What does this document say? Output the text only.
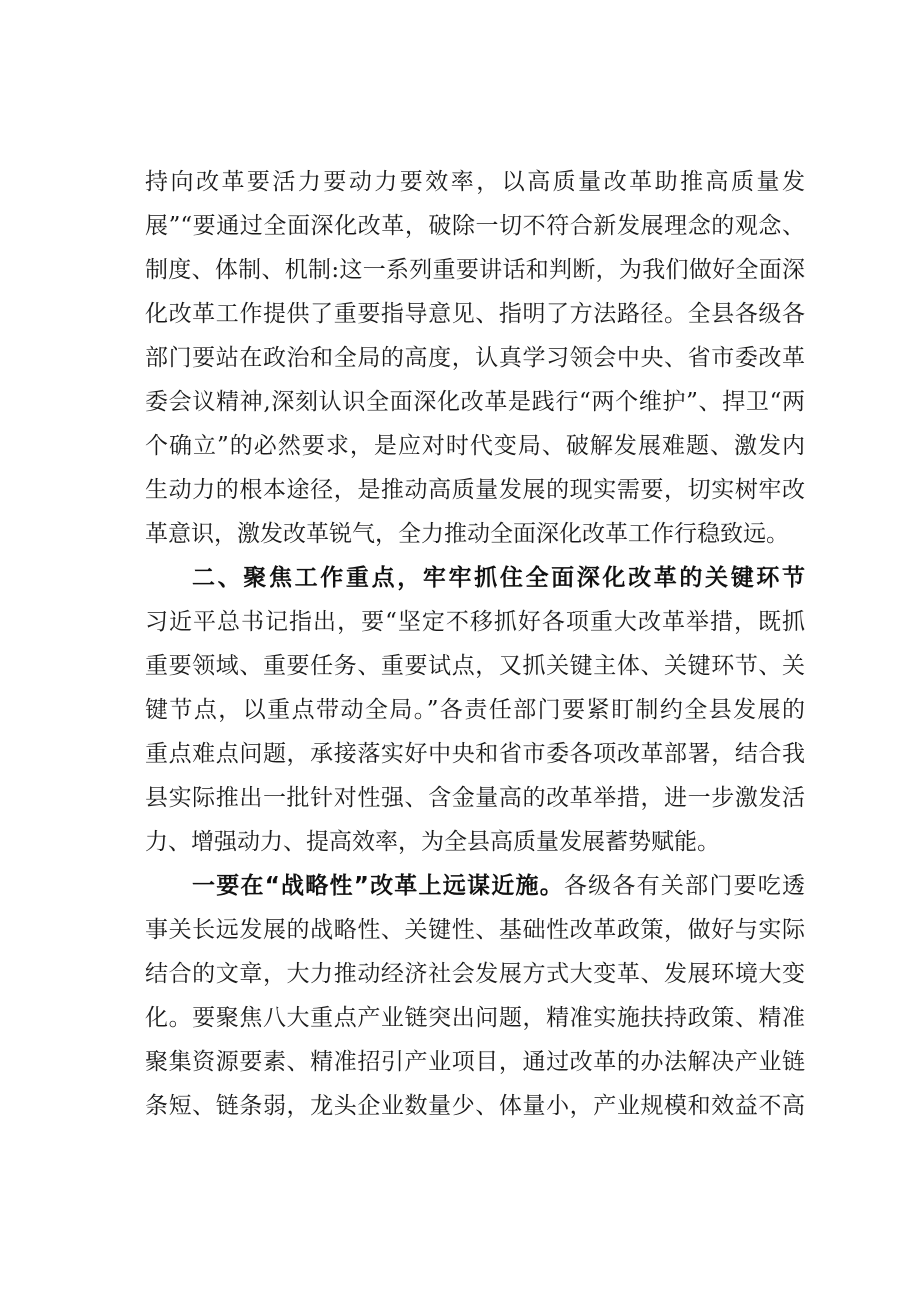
持向改革要活力要动力要效率，以高质量改革助推高质量发

展”“要通过全面深化改革，破除一切不符合新发展理念的观念、

制度、体制、机制:这一系列重要讲话和判断，为我们做好全面深

化改革工作提供了重要指导意见、指明了方法路径。全县各级各

部门要站在政治和全局的高度，认真学习领会中央、省市委改革

委会议精神,深刻认识全面深化改革是践行“两个维护”、捍卫“两

个确立”的必然要求，是应对时代变局、破解发展难题、激发内

生动力的根本途径，是推动高质量发展的现实需要，切实树牢改

革意识，激发改革锐气，全力推动全面深化改革工作行稳致远。

二、聚焦工作重点，牢牢抓住全面深化改革的关键环节

习近平总书记指出，要“坚定不移抓好各项重大改革举措，既抓

重要领域、重要任务、重要试点，又抓关键主体、关键环节、关

键节点，以重点带动全局。”各责任部门要紧盯制约全县发展的

重点难点问题，承接落实好中央和省市委各项改革部署，结合我

县实际推出一批针对性强、含金量高的改革举措，进一步激发活

力、增强动力、提高效率，为全县高质量发展蓄势赋能。

一要在“战略性”改革上远谋近施。各级各有关部门要吃透

事关长远发展的战略性、关键性、基础性改革政策，做好与实际

结合的文章，大力推动经济社会发展方式大变革、发展环境大变

化。要聚焦八大重点产业链突出问题，精准实施扶持政策、精准

聚集资源要素、精准招引产业项目，通过改革的办法解决产业链

条短、链条弱，龙头企业数量少、体量小，产业规模和效益不高
